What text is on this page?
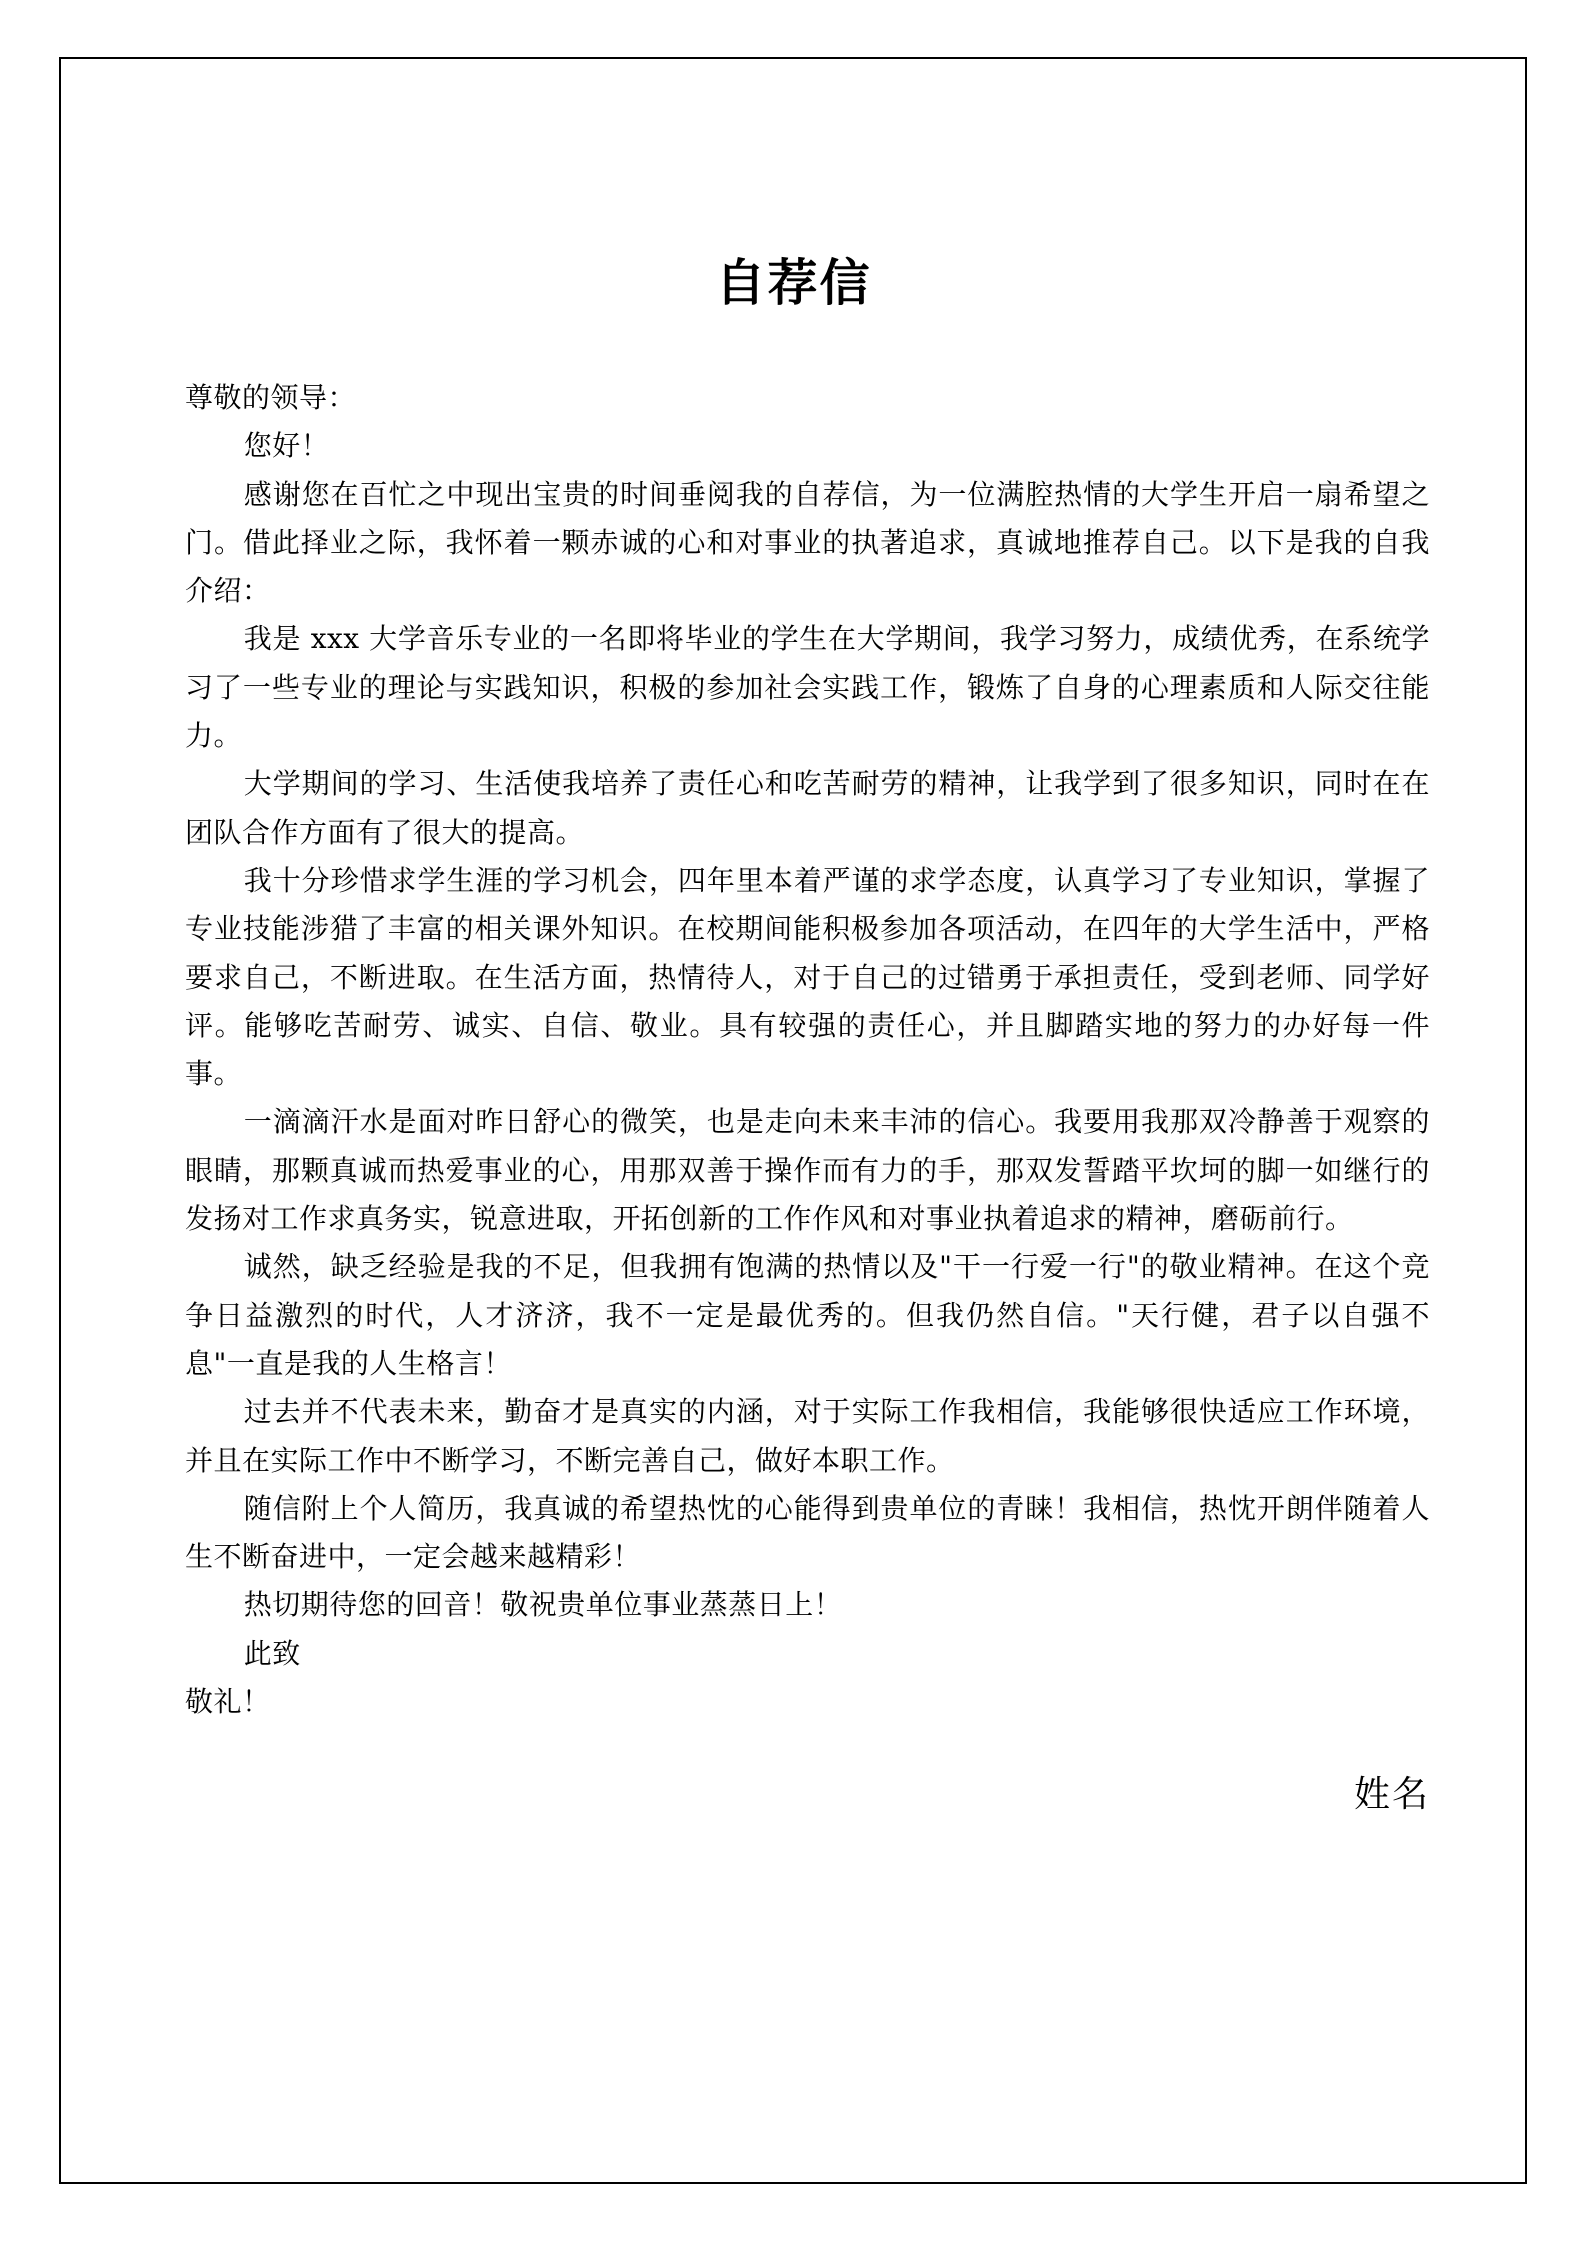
自荐信

尊敬的领导：

您好！

感谢您在百忙之中现出宝贵的时间垂阅我的自荐信，为一位满腔热情的大学生开启一扇希望之门。借此择业之际，我怀着一颗赤诚的心和对事业的执著追求，真诚地推荐自己。以下是我的自我介绍：

我是 xxx 大学音乐专业的一名即将毕业的学生在大学期间，我学习努力，成绩优秀，在系统学习了一些专业的理论与实践知识，积极的参加社会实践工作，锻炼了自身的心理素质和人际交往能力。

大学期间的学习、生活使我培养了责任心和吃苦耐劳的精神，让我学到了很多知识，同时在在团队合作方面有了很大的提高。

我十分珍惜求学生涯的学习机会，四年里本着严谨的求学态度，认真学习了专业知识，掌握了专业技能涉猎了丰富的相关课外知识。在校期间能积极参加各项活动，在四年的大学生活中，严格要求自己，不断进取。在生活方面，热情待人，对于自己的过错勇于承担责任，受到老师、同学好评。能够吃苦耐劳、诚实、自信、敬业。具有较强的责任心，并且脚踏实地的努力的办好每一件事。

一滴滴汗水是面对昨日舒心的微笑，也是走向未来丰沛的信心。我要用我那双冷静善于观察的眼睛，那颗真诚而热爱事业的心，用那双善于操作而有力的手，那双发誓踏平坎坷的脚一如继行的发扬对工作求真务实，锐意进取，开拓创新的工作作风和对事业执着追求的精神，磨砺前行。

诚然，缺乏经验是我的不足，但我拥有饱满的热情以及"干一行爱一行"的敬业精神。在这个竞争日益激烈的时代，人才济济，我不一定是最优秀的。但我仍然自信。"天行健，君子以自强不息"一直是我的人生格言！

过去并不代表未来，勤奋才是真实的内涵，对于实际工作我相信，我能够很快适应工作环境，并且在实际工作中不断学习，不断完善自己，做好本职工作。

随信附上个人简历，我真诚的希望热忱的心能得到贵单位的青睐！我相信，热忱开朗伴随着人生不断奋进中，一定会越来越精彩！

热切期待您的回音！敬祝贵单位事业蒸蒸日上！

此致

敬礼！

姓名
